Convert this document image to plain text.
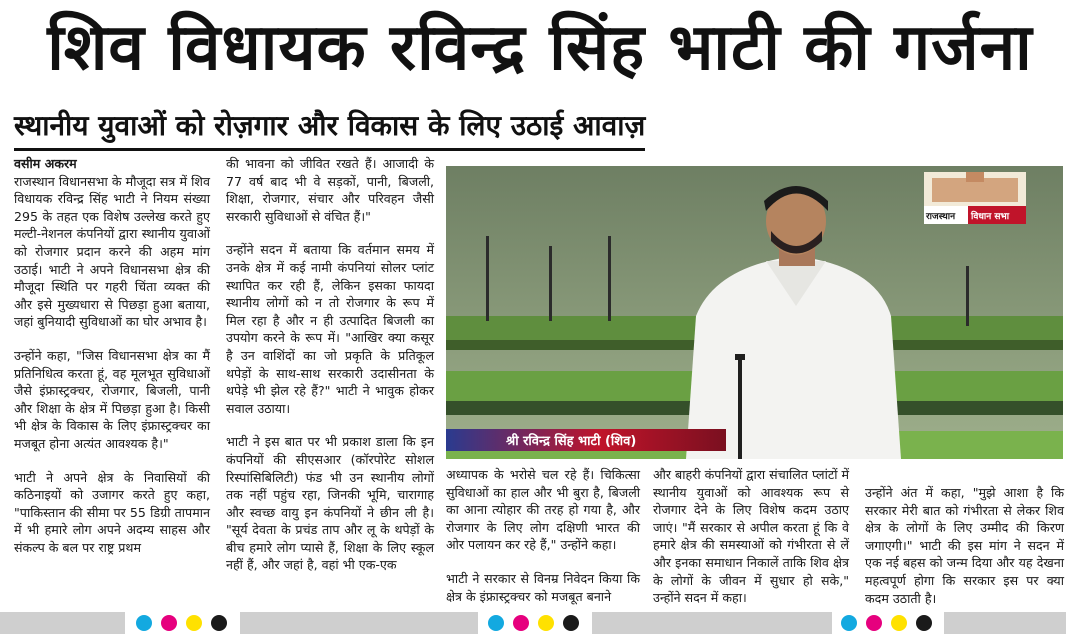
शिव विधायक रविन्द्र सिंह भाटी की गर्जना
स्थानीय युवाओं को रोज़गार और विकास के लिए उठाई आवाज़

वसीम अकरम
राजस्थान विधानसभा के मौजूदा सत्र में शिव विधायक रविन्द्र सिंह भाटी ने नियम संख्या 295 के तहत एक विशेष उल्लेख करते हुए मल्टी-नेशनल कंपनियों द्वारा स्थानीय युवाओं को रोजगार प्रदान करने की अहम मांग उठाई। भाटी ने अपने विधानसभा क्षेत्र की मौजूदा स्थिति पर गहरी चिंता व्यक्त की और इसे मुख्यधारा से पिछड़ा हुआ बताया, जहां बुनियादी सुविधाओं का घोर अभाव है।

उन्होंने कहा, "जिस विधानसभा क्षेत्र का मैं प्रतिनिधित्व करता हूं, वह मूलभूत सुविधाओं जैसे इंफ्रास्ट्रक्चर, रोजगार, बिजली, पानी और शिक्षा के क्षेत्र में पिछड़ा हुआ है। किसी भी क्षेत्र के विकास के लिए इंफ्रास्ट्रक्चर का मजबूत होना अत्यंत आवश्यक है।"

भाटी ने अपने क्षेत्र के निवासियों की कठिनाइयों को उजागर करते हुए कहा, "पाकिस्तान की सीमा पर 55 डिग्री तापमान में भी हमारे लोग अपने अदम्य साहस और संकल्प के बल पर राष्ट्र प्रथम

की भावना को जीवित रखते हैं। आजादी के 77 वर्ष बाद भी वे सड़कों, पानी, बिजली, शिक्षा, रोजगार, संचार और परिवहन जैसी सरकारी सुविधाओं से वंचित हैं।"

उन्होंने सदन में बताया कि वर्तमान समय में उनके क्षेत्र में कई नामी कंपनियां सोलर प्लांट स्थापित कर रही हैं, लेकिन इसका फायदा स्थानीय लोगों को न तो रोजगार के रूप में मिल रहा है और न ही उत्पादित बिजली का उपयोग करने के रूप में। "आखिर क्या कसूर है उन वाशिंदों का जो प्रकृति के प्रतिकूल थपेड़ों के साथ-साथ सरकारी उदासीनता के थपेड़े भी झेल रहे हैं?" भाटी ने भावुक होकर सवाल उठाया।

भाटी ने इस बात पर भी प्रकाश डाला कि इन कंपनियों की सीएसआर (कॉरपोरेट सोशल रिस्पांसिबिलिटी) फंड भी उन स्थानीय लोगों तक नहीं पहुंच रहा, जिनकी भूमि, चारागाह और स्वच्छ वायु इन कंपनियों ने छीन ली है। "सूर्य देवता के प्रचंड ताप और लू के थपेड़ों के बीच हमारे लोग प्यासे हैं, शिक्षा के लिए स्कूल नहीं हैं, और जहां है, वहां भी एक-एक

श्री रविन्द्र सिंह भाटी (शिव)
राजस्थान विधान सभा

अध्यापक के भरोसे चल रहे हैं। चिकित्सा सुविधाओं का हाल और भी बुरा है, बिजली का आना त्योहार की तरह हो गया है, और रोजगार के लिए लोग दक्षिणी भारत की ओर पलायन कर रहे हैं," उन्होंने कहा।

भाटी ने सरकार से विनम्र निवेदन किया कि क्षेत्र के इंफ्रास्ट्रक्चर को मजबूत बनाने

और बाहरी कंपनियों द्वारा संचालित प्लांटों में स्थानीय युवाओं को आवश्यक रूप से रोजगार देने के लिए विशेष कदम उठाए जाएं। "मैं सरकार से अपील करता हूं कि वे हमारे क्षेत्र की समस्याओं को गंभीरता से लें और इनका समाधान निकालें ताकि शिव क्षेत्र के लोगों के जीवन में सुधार हो सके," उन्होंने सदन में कहा।

उन्होंने अंत में कहा, "मुझे आशा है कि सरकार मेरी बात को गंभीरता से लेकर शिव क्षेत्र के लोगों के लिए उम्मीद की किरण जगाएगी।" भाटी की इस मांग ने सदन में एक नई बहस को जन्म दिया और यह देखना महत्वपूर्ण होगा कि सरकार इस पर क्या कदम उठाती है।
